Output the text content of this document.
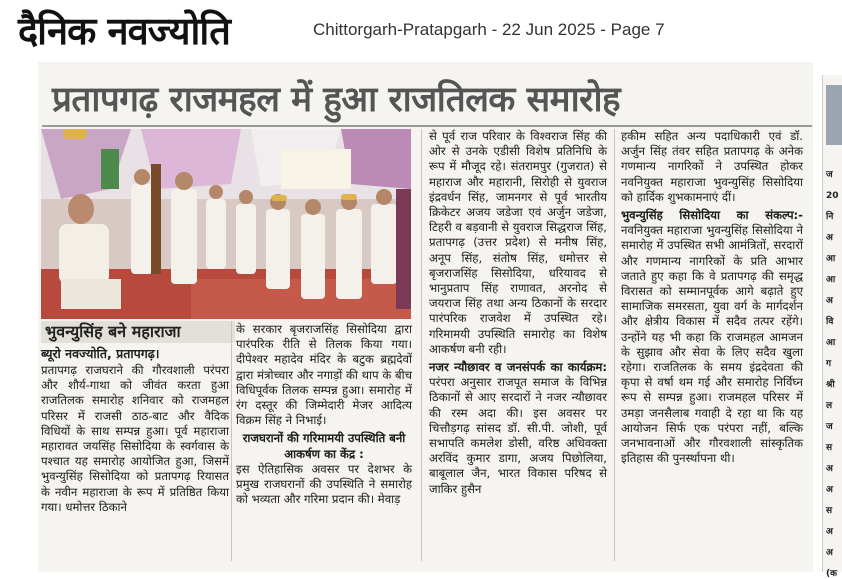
दैनिक नवज्योति	Chittorgarh-Pratapgarh - 22 Jun 2025 - Page 7
ज
20
नि
अ
आ
आ
अ
वि
आ
ग
श्री
ल
ज
स
अ
अ
स
अ
अ
(क
प्रतापगढ़ राजमहल में हुआ राजतिलक समारोह
भुवन्युसिंह बने महाराजा
ब्यूरो नवज्योति, प्रतापगढ़।

प्रतापगढ़ राजघराने की गौरवशाली परंपरा और शौर्य-गाथा को जीवंत करता हुआ राजतिलक समारोह शनिवार को राजमहल परिसर में राजसी ठाठ-बाट और वैदिक विधियों के साथ सम्पन्न हुआ। पूर्व महाराजा महारावत जयसिंह सिसोदिया के स्वर्गवास के पश्चात यह समारोह आयोजित हुआ, जिसमें भुवन्युसिंह सिसोदिया को प्रतापगढ़ रियासत के नवीन महाराजा के रूप में प्रतिष्ठित किया गया। धमोत्तर ठिकाने

के सरकार बृजराजसिंह सिसोदिया द्वारा पारंपरिक रीति से तिलक किया गया। दीपेश्वर महादेव मंदिर के बटुक ब्रह्मदेवों द्वारा मंत्रोच्चार और नगाड़ों की थाप के बीच विधिपूर्वक तिलक सम्पन्न हुआ। समारोह में रंग दस्तूर की जिम्मेदारी मेजर आदित्य विक्रम सिंह ने निभाई।

राजघरानों की गरिमामयी उपस्थिति बनी आकर्षण का केंद्र :

इस ऐतिहासिक अवसर पर देशभर के प्रमुख राजघरानों की उपस्थिति ने समारोह को भव्यता और गरिमा प्रदान की। मेवाड़

से पूर्व राज परिवार के विश्वराज सिंह की ओर से उनके एडीसी विशेष प्रतिनिधि के रूप में मौजूद रहे। संतरामपुर (गुजरात) से महाराज और महारानी, सिरोही से युवराज इंद्रवर्धन सिंह, जामनगर से पूर्व भारतीय क्रिकेटर अजय जडेजा एवं अर्जुन जडेजा, टिहरी व बड़वानी से युवराज सिद्धराज सिंह, प्रतापगढ़ (उत्तर प्रदेश) से मनीष सिंह, अनूप सिंह, संतोष सिंह, धमोत्तर से बृजराजसिंह सिसोदिया, धरियावद से भानुप्रताप सिंह राणावत, अरनोद से जयराज सिंह तथा अन्य ठिकानों के सरदार पारंपरिक राजवेश में उपस्थित रहे। गरिमामयी उपस्थिति समारोह का विशेष आकर्षण बनी रही।

नजर न्यौछावर व जनसंपर्क का कार्यक्रम: परंपरा अनुसार राजपूत समाज के विभिन्न ठिकानों से आए सरदारों ने नजर न्यौछावर की रस्म अदा की। इस अवसर पर चित्तौड़गढ़ सांसद डॉ. सी.पी. जोशी, पूर्व सभापति कमलेश डोसी, वरिष्ठ अधिवक्ता अरविंद कुमार डागा, अजय पिछोलिया, बाबूलाल जैन, भारत विकास परिषद से जाकिर हुसैन

हकीम सहित अन्य पदाधिकारी एवं डॉ. अर्जुन सिंह तंवर सहित प्रतापगढ़ के अनेक गणमान्य नागरिकों ने उपस्थित होकर नवनियुक्त महाराजा भुवन्युसिंह सिसोदिया को हार्दिक शुभकामनाएं दीं।

भुवन्युसिंह सिसोदिया का संकल्प:- नवनियुक्त महाराजा भुवन्युसिंह सिसोदिया ने समारोह में उपस्थित सभी आमंत्रितों, सरदारों और गणमान्य नागरिकों के प्रति आभार जताते हुए कहा कि वे प्रतापगढ़ की समृद्ध विरासत को सम्मानपूर्वक आगे बढ़ाते हुए सामाजिक समरसता, युवा वर्ग के मार्गदर्शन और क्षेत्रीय विकास में सदैव तत्पर रहेंगे। उन्होंने यह भी कहा कि राजमहल आमजन के सुझाव और सेवा के लिए सदैव खुला रहेगा। राजतिलक के समय इंद्रदेवता की कृपा से वर्षा थम गई और समारोह निर्विघ्न रूप से सम्पन्न हुआ। राजमहल परिसर में उमड़ा जनसैलाब गवाही दे रहा था कि यह आयोजन सिर्फ एक परंपरा नहीं, बल्कि जनभावनाओं और गौरवशाली सांस्कृतिक इतिहास की पुनर्स्थापना थी।
